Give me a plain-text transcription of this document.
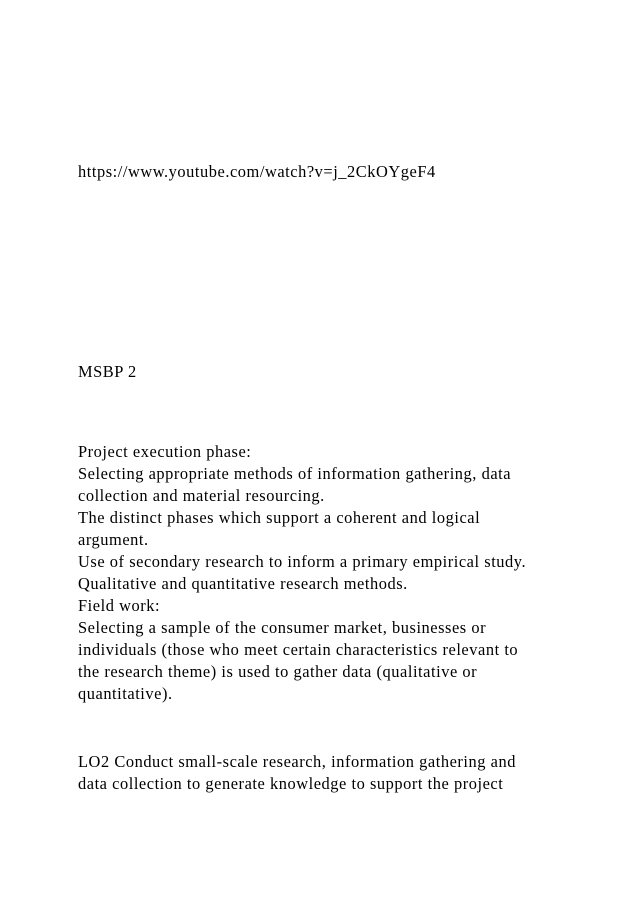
https://www.youtube.com/watch?v=j_2CkOYgeF4
MSBP 2
Project execution phase:
Selecting appropriate methods of information gathering, data
collection and material resourcing.
The distinct phases which support a coherent and logical
argument.
Use of secondary research to inform a primary empirical study.
Qualitative and quantitative research methods.
Field work:
Selecting a sample of the consumer market, businesses or
individuals (those who meet certain characteristics relevant to
the research theme) is used to gather data (qualitative or
quantitative).
LO2 Conduct small-scale research, information gathering and
data collection to generate knowledge to support the project
